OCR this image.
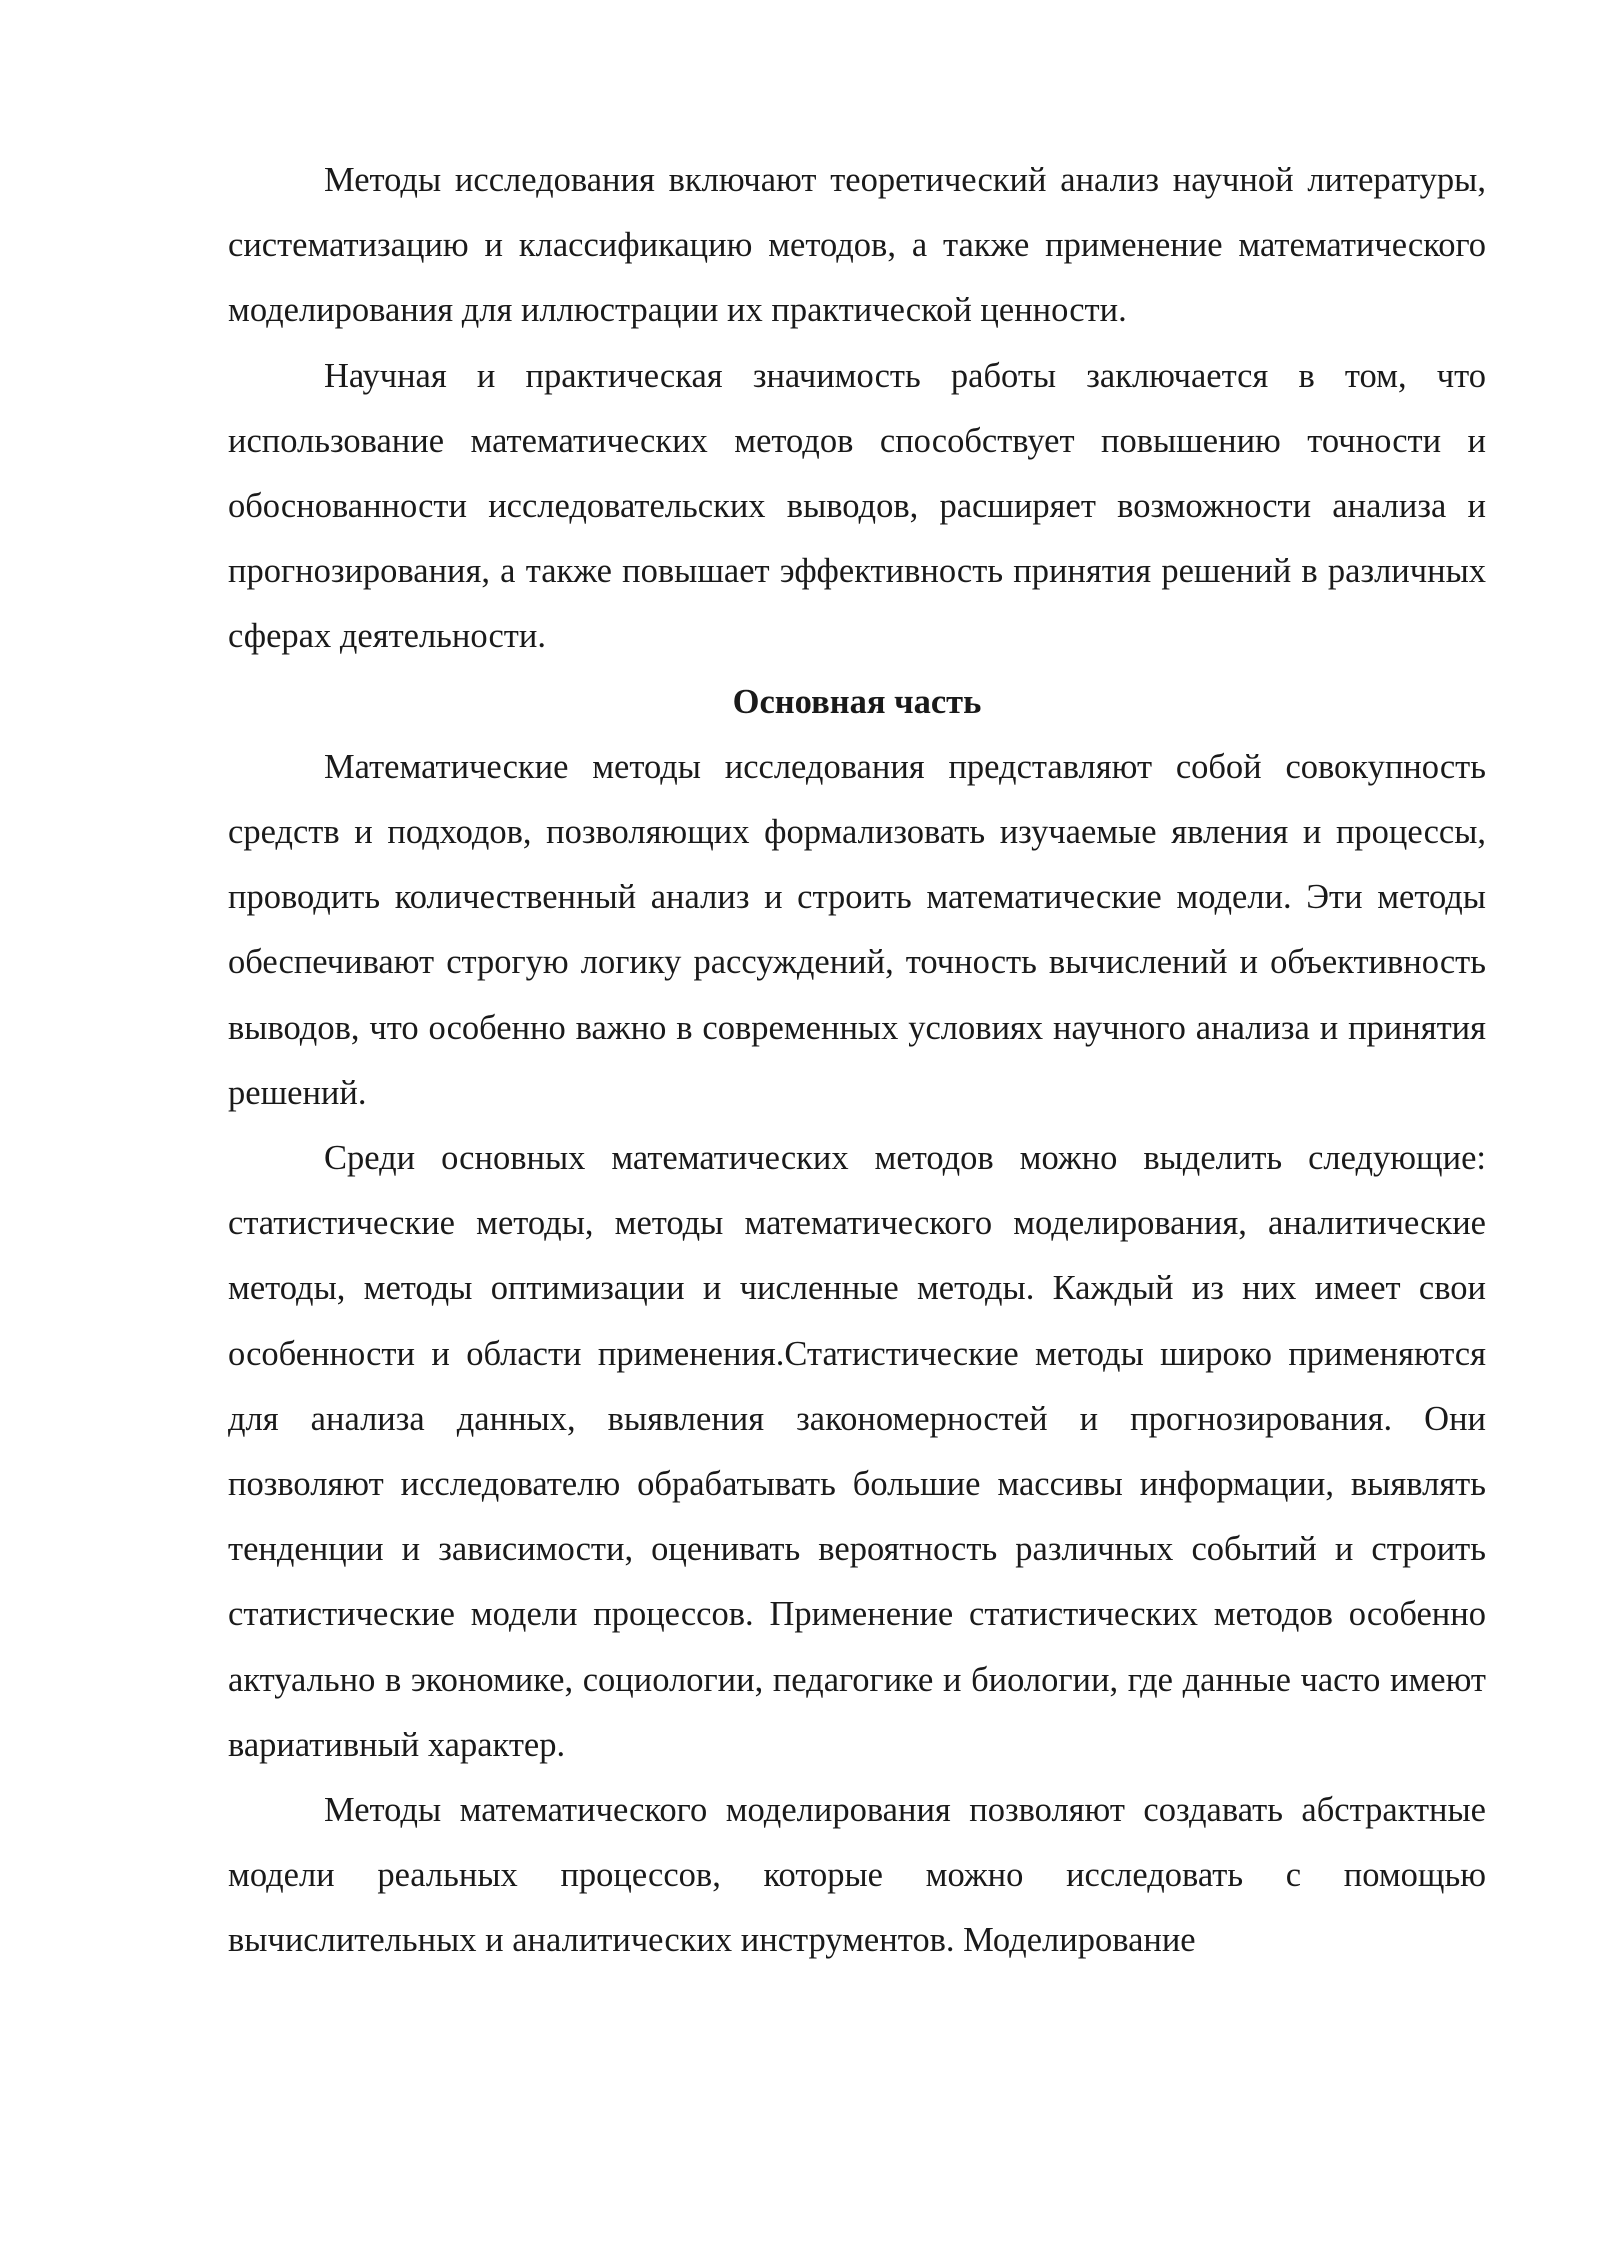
Методы исследования включают теоретический анализ научной литературы, систематизацию и классификацию методов, а также применение математического моделирования для иллюстрации их практической ценности.

Научная и практическая значимость работы заключается в том, что использование математических методов способствует повышению точности и обоснованности исследовательских выводов, расширяет возможности анализа и прогнозирования, а также повышает эффективность принятия решений в различных сферах деятельности.

Основная часть

Математические методы исследования представляют собой совокупность средств и подходов, позволяющих формализовать изучаемые явления и процессы, проводить количественный анализ и строить математические модели. Эти методы обеспечивают строгую логику рассуждений, точность вычислений и объективность выводов, что особенно важно в современных условиях научного анализа и принятия решений.

Среди основных математических методов можно выделить следующие: статистические методы, методы математического моделирования, аналитические методы, методы оптимизации и численные методы. Каждый из них имеет свои особенности и области применения.Статистические методы широко применяются для анализа данных, выявления закономерностей и прогнозирования. Они позволяют исследователю обрабатывать большие массивы информации, выявлять тенденции и зависимости, оценивать вероятность различных событий и строить статистические модели процессов. Применение статистических методов особенно актуально в экономике, социологии, педагогике и биологии, где данные часто имеют вариативный характер.

Методы математического моделирования позволяют создавать абстрактные модели реальных процессов, которые можно исследовать с помощью вычислительных и аналитических инструментов. Моделирование
